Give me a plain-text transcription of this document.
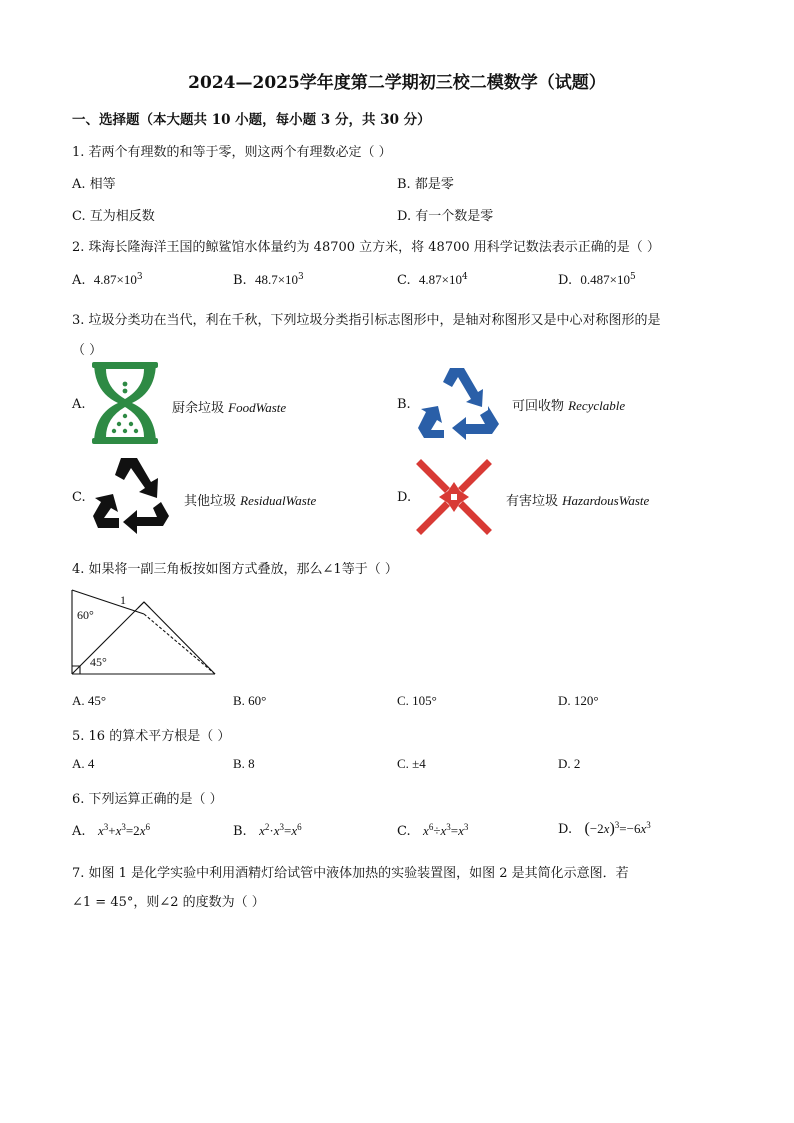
2024—2025学年度第二学期初三校二模数学（试题）
一、选择题（本大题共 10 小题，每小题 3 分，共 30 分）
1. 若两个有理数的和等于零，则这两个有理数必定（ ）
A. 相等	B. 都是零
C. 互为相反数	D. 有一个数是零
2. 珠海长隆海洋王国的鲸鲨馆水体量约为 48700 立方米，将 48700 用科学记数法表示正确的是（ ）
A. $4.87\times 10^3$	B. $48.7\times 10^3$	C. $4.87\times 10^4$	D. $0.487\times 10^5$
3. 垃圾分类功在当代，利在千秋，下列垃圾分类指引标志图形中，是轴对称图形又是中心对称图形的是
（ ）
A.	厨余垃圾 FoodWaste	B.	可回收物 Recyclable
C.	其他垃圾 ResidualWaste	D.	有害垃圾 HazardousWaste
4. 如果将一副三角板按如图方式叠放，那么∠1等于（ ）
1
60°
45°
A. 45°	B. 60°	C. 105°	D. 120°
5. 16 的算术平方根是（ ）
A. 4	B. 8	C. ±4	D. 2
6. 下列运算正确的是（ ）
A. $x^3+x^3=2x^6$	B. $x^2\cdot x^3=x^6$	C. $x^6\div x^3=x^3$	D. $(-2x)^3=-6x^3$
7. 如图 1 是化学实验中利用酒精灯给试管中液体加热的实验装置图，如图 2 是其简化示意图．若
∠1 = 45°，则∠2 的度数为（ ）
